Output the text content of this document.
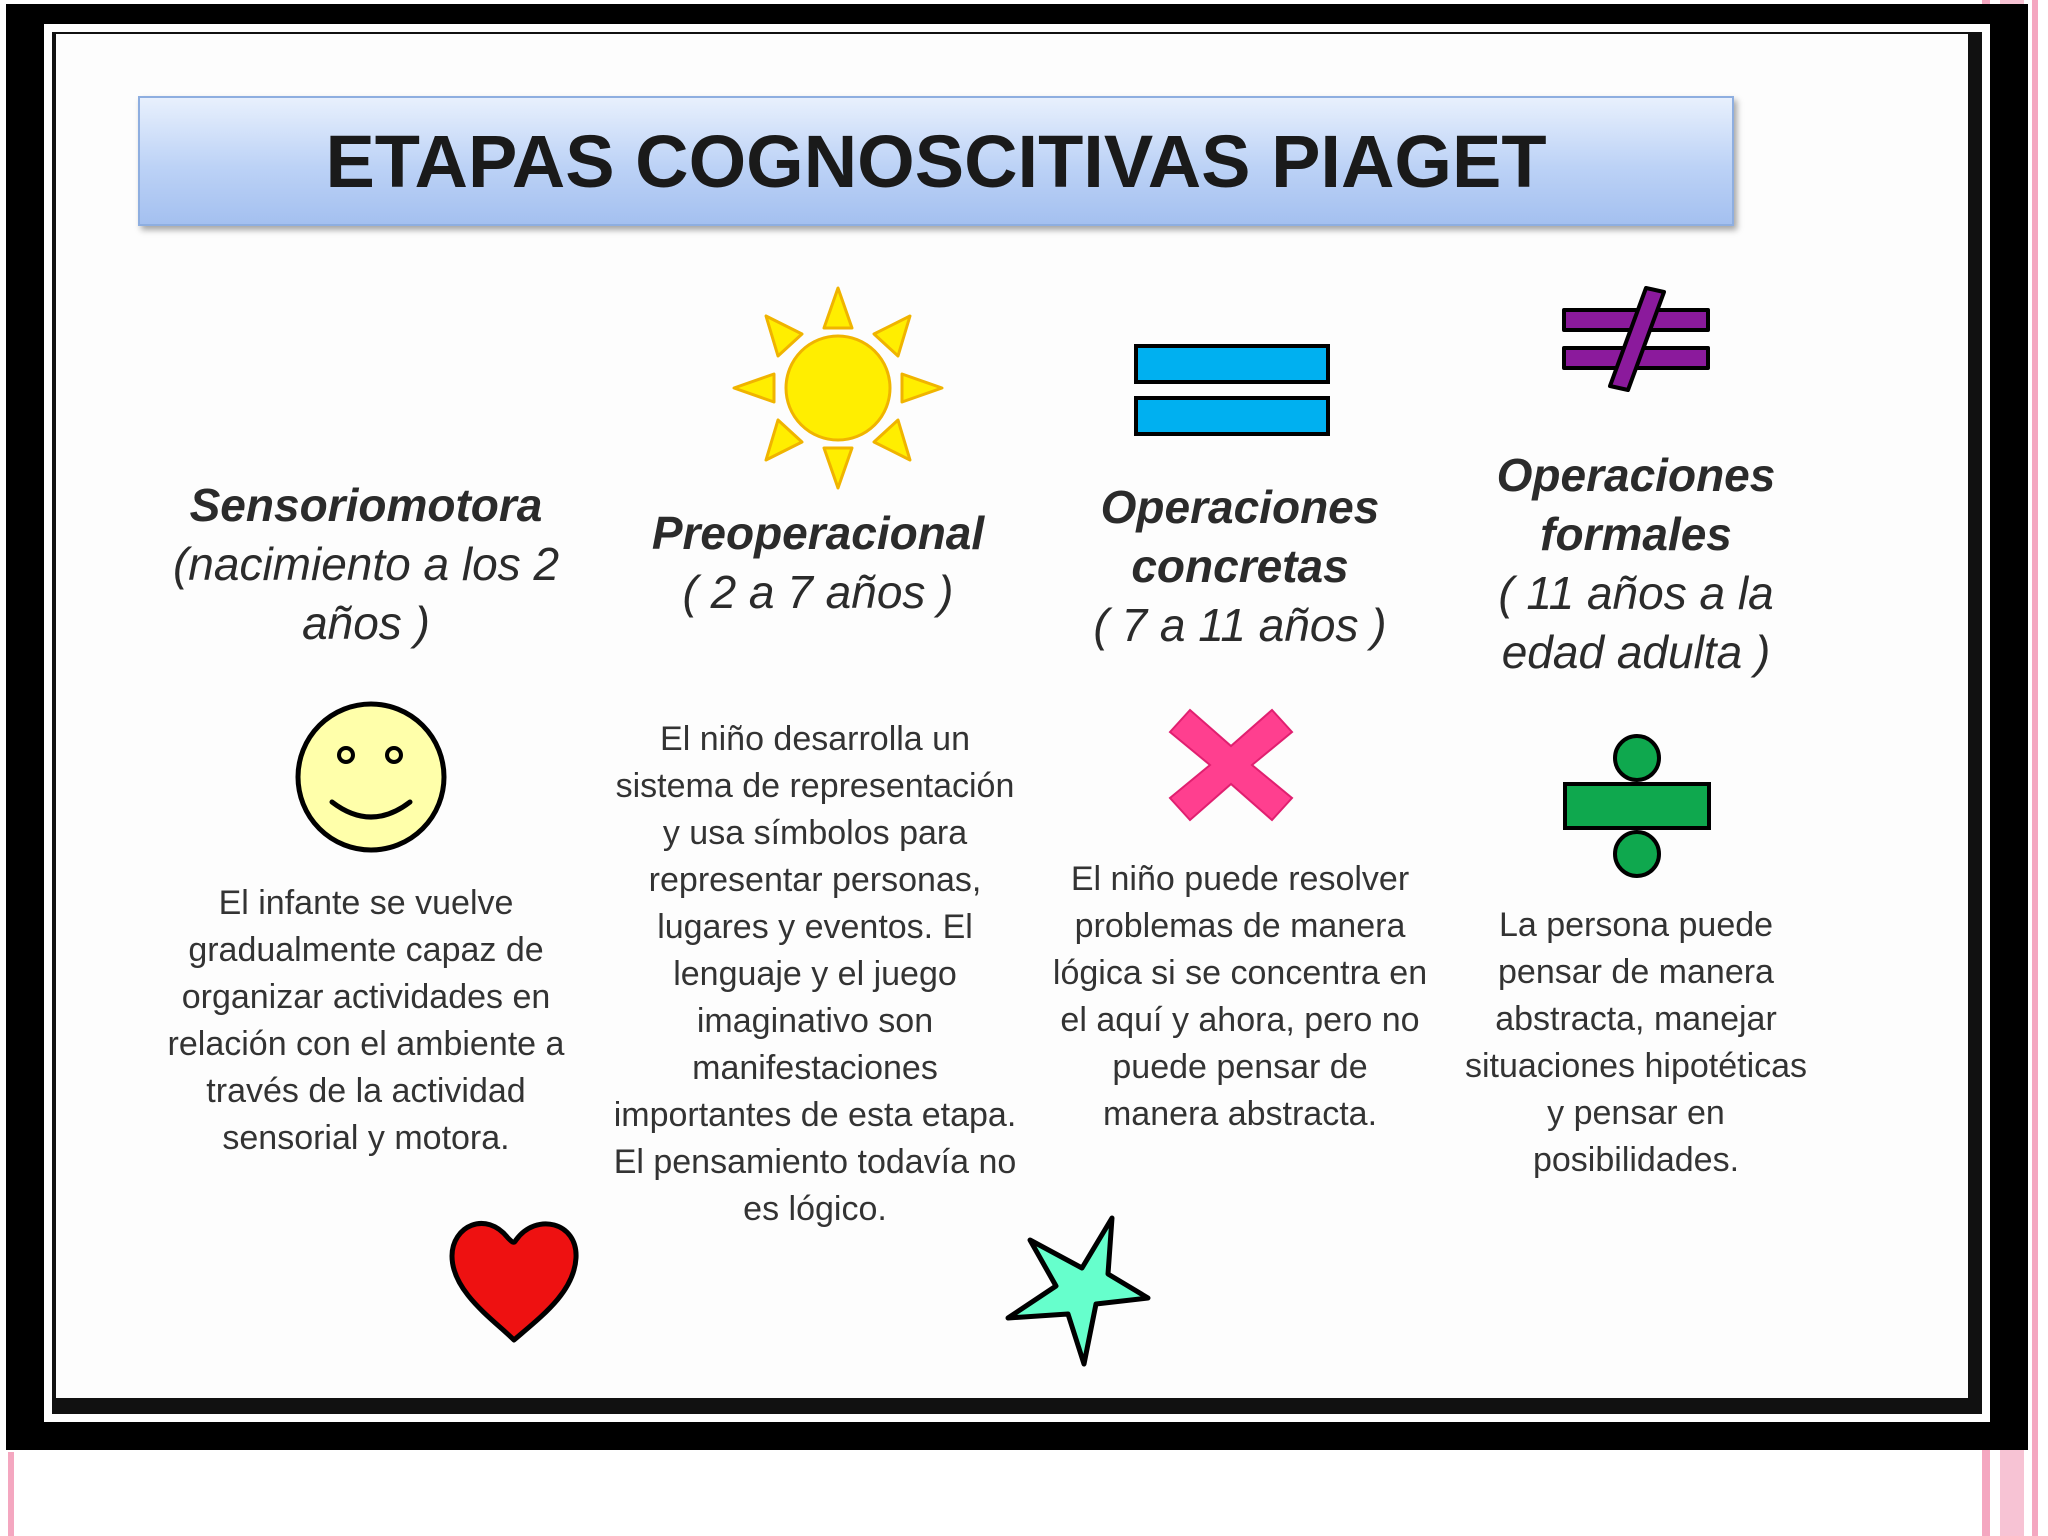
ETAPAS COGNOSCITIVAS PIAGET
Sensoriomotora
(nacimiento a los 2 años )
Preoperacional
( 2 a 7 años )
Operaciones concretas
( 7 a 11 años )
Operaciones formales
( 11 años a la edad adulta )
El infante se vuelve gradualmente capaz de organizar actividades en relación con el ambiente a través de la actividad sensorial y motora.
El niño desarrolla un sistema de representación y usa símbolos para representar personas, lugares y eventos. El lenguaje y el juego imaginativo son manifestaciones importantes de esta etapa.
El pensamiento todavía no es lógico.
El niño puede resolver problemas de manera lógica si se concentra en el aquí y ahora, pero no puede pensar de manera abstracta.
La persona puede pensar de manera abstracta, manejar situaciones hipotéticas y pensar en posibilidades.
